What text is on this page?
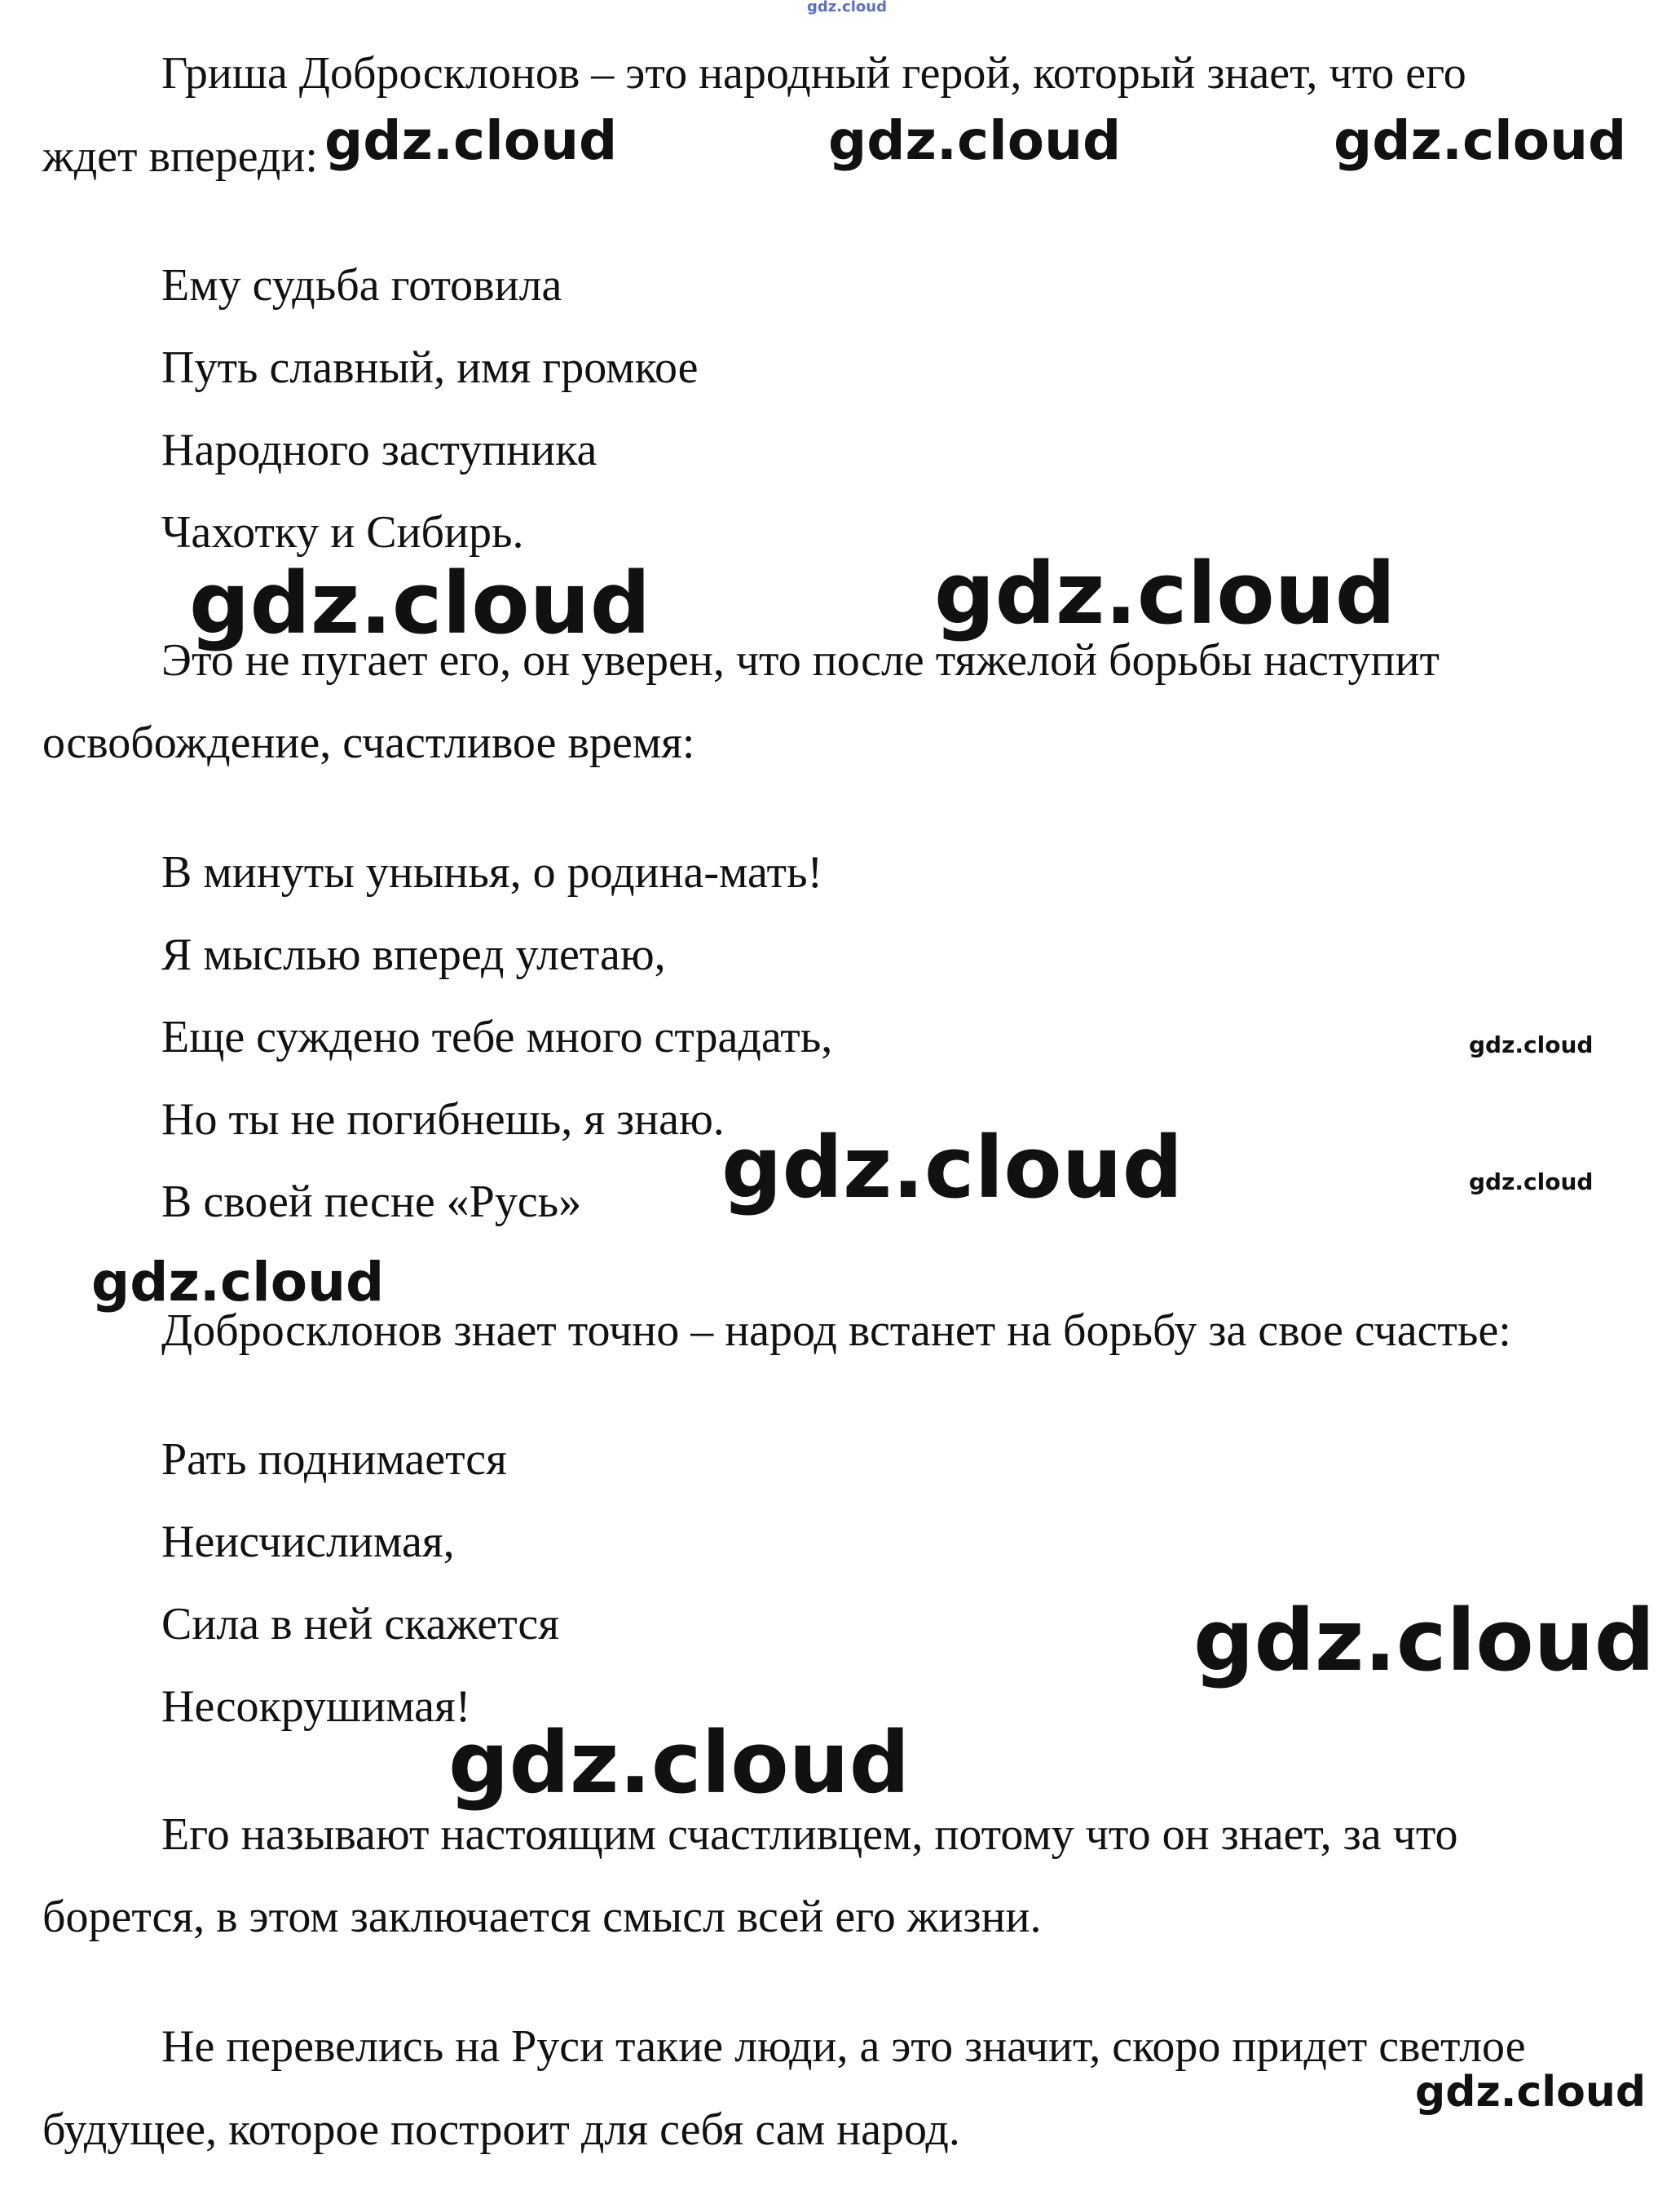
gdz.cloud

Гриша Добросклонов – это народный герой, который знает, что его

ждет впереди:

Ему судьба готовила

Путь славный, имя громкое

Народного заступника

Чахотку и Сибирь.

Это не пугает его, он уверен, что после тяжелой борьбы наступит

освобождение, счастливое время:

В минуты унынья, о родина-мать!

Я мыслью вперед улетаю,

Еще суждено тебе много страдать,

Но ты не погибнешь, я знаю.

В своей песне «Русь»

Добросклонов знает точно – народ встанет на борьбу за свое счастье:

Рать поднимается

Неисчислимая,

Сила в ней скажется

Несокрушимая!

Его называют настоящим счастливцем, потому что он знает, за что

борется, в этом заключается смысл всей его жизни.

Не перевелись на Руси такие люди, а это значит, скоро придет светлое

будущее, которое построит для себя сам народ.

gdz.cloud	gdz.cloud	gdz.cloud
gdz.cloud	gdz.cloud
gdz.cloud
gdz.cloud	gdz.cloud
gdz.cloud
gdz.cloud
gdz.cloud
gdz.cloud
